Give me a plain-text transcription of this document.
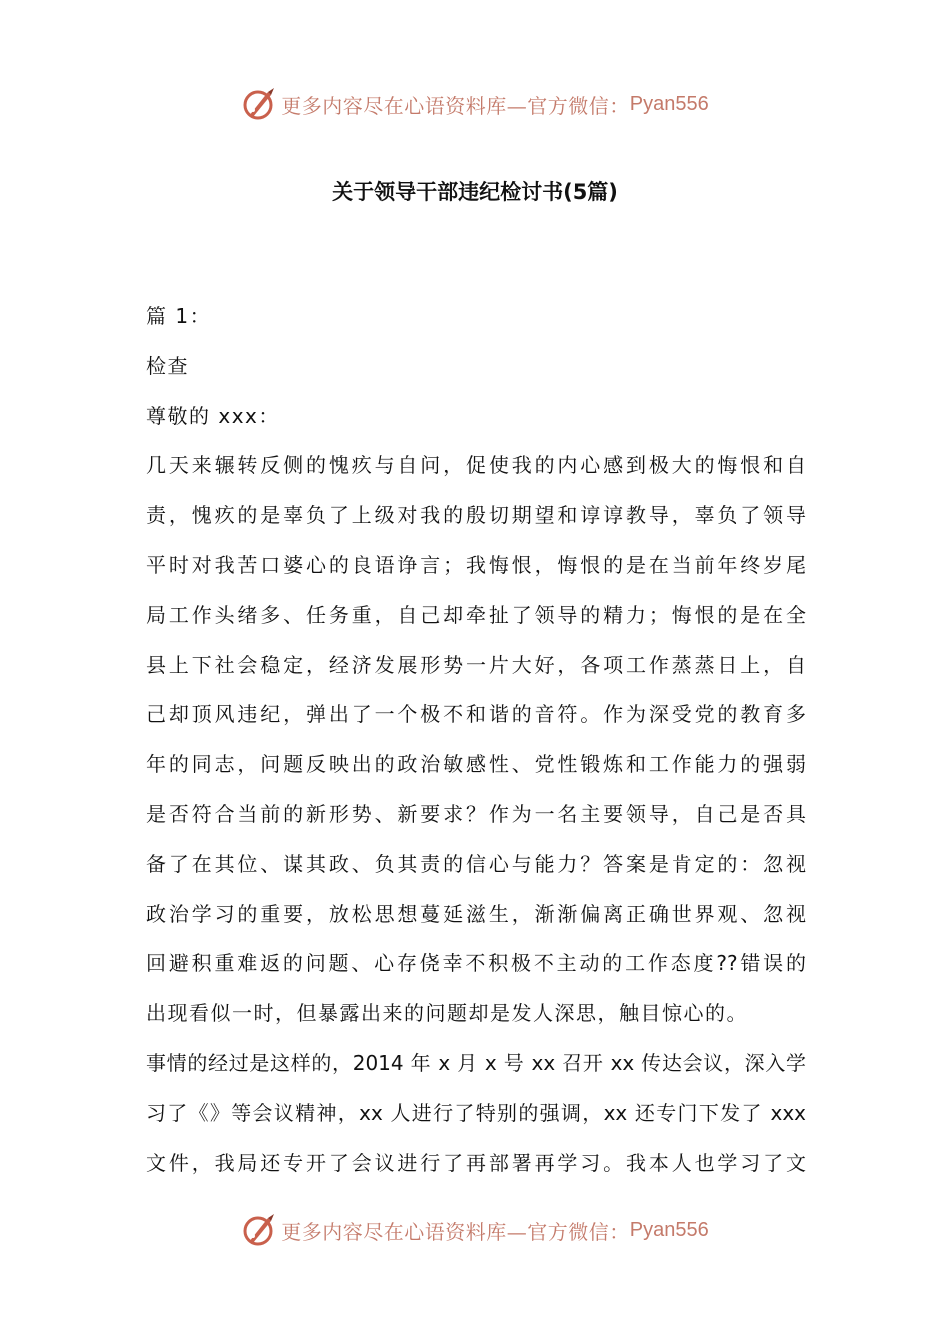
更多内容尽在心语资料库—官方微信： Pyan556
关于领导干部违纪检讨书(5篇)
篇 1：
检查
尊敬的 xxx：
几天来辗转反侧的愧疚与自问，促使我的内心感到极大的悔恨和自
责，愧疚的是辜负了上级对我的殷切期望和谆谆教导，辜负了领导
平时对我苦口婆心的良语诤言；我悔恨，悔恨的是在当前年终岁尾
局工作头绪多、任务重，自己却牵扯了领导的精力；悔恨的是在全
县上下社会稳定，经济发展形势一片大好，各项工作蒸蒸日上，自
己却顶风违纪，弹出了一个极不和谐的音符。作为深受党的教育多
年的同志，问题反映出的政治敏感性、党性锻炼和工作能力的强弱
是否符合当前的新形势、新要求？作为一名主要领导，自己是否具
备了在其位、谋其政、负其责的信心与能力？答案是肯定的：忽视
政治学习的重要，放松思想蔓延滋生，渐渐偏离正确世界观、忽视
回避积重难返的问题、心存侥幸不积极不主动的工作态度??错误的
出现看似一时，但暴露出来的问题却是发人深思，触目惊心的。
事情的经过是这样的，2014 年 x 月 x 号 xx 召开 xx 传达会议，深入学
习了《》等会议精神，xx 人进行了特别的强调，xx 还专门下发了 xxx
文件，我局还专开了会议进行了再部署再学习。我本人也学习了文
更多内容尽在心语资料库—官方微信： Pyan556
